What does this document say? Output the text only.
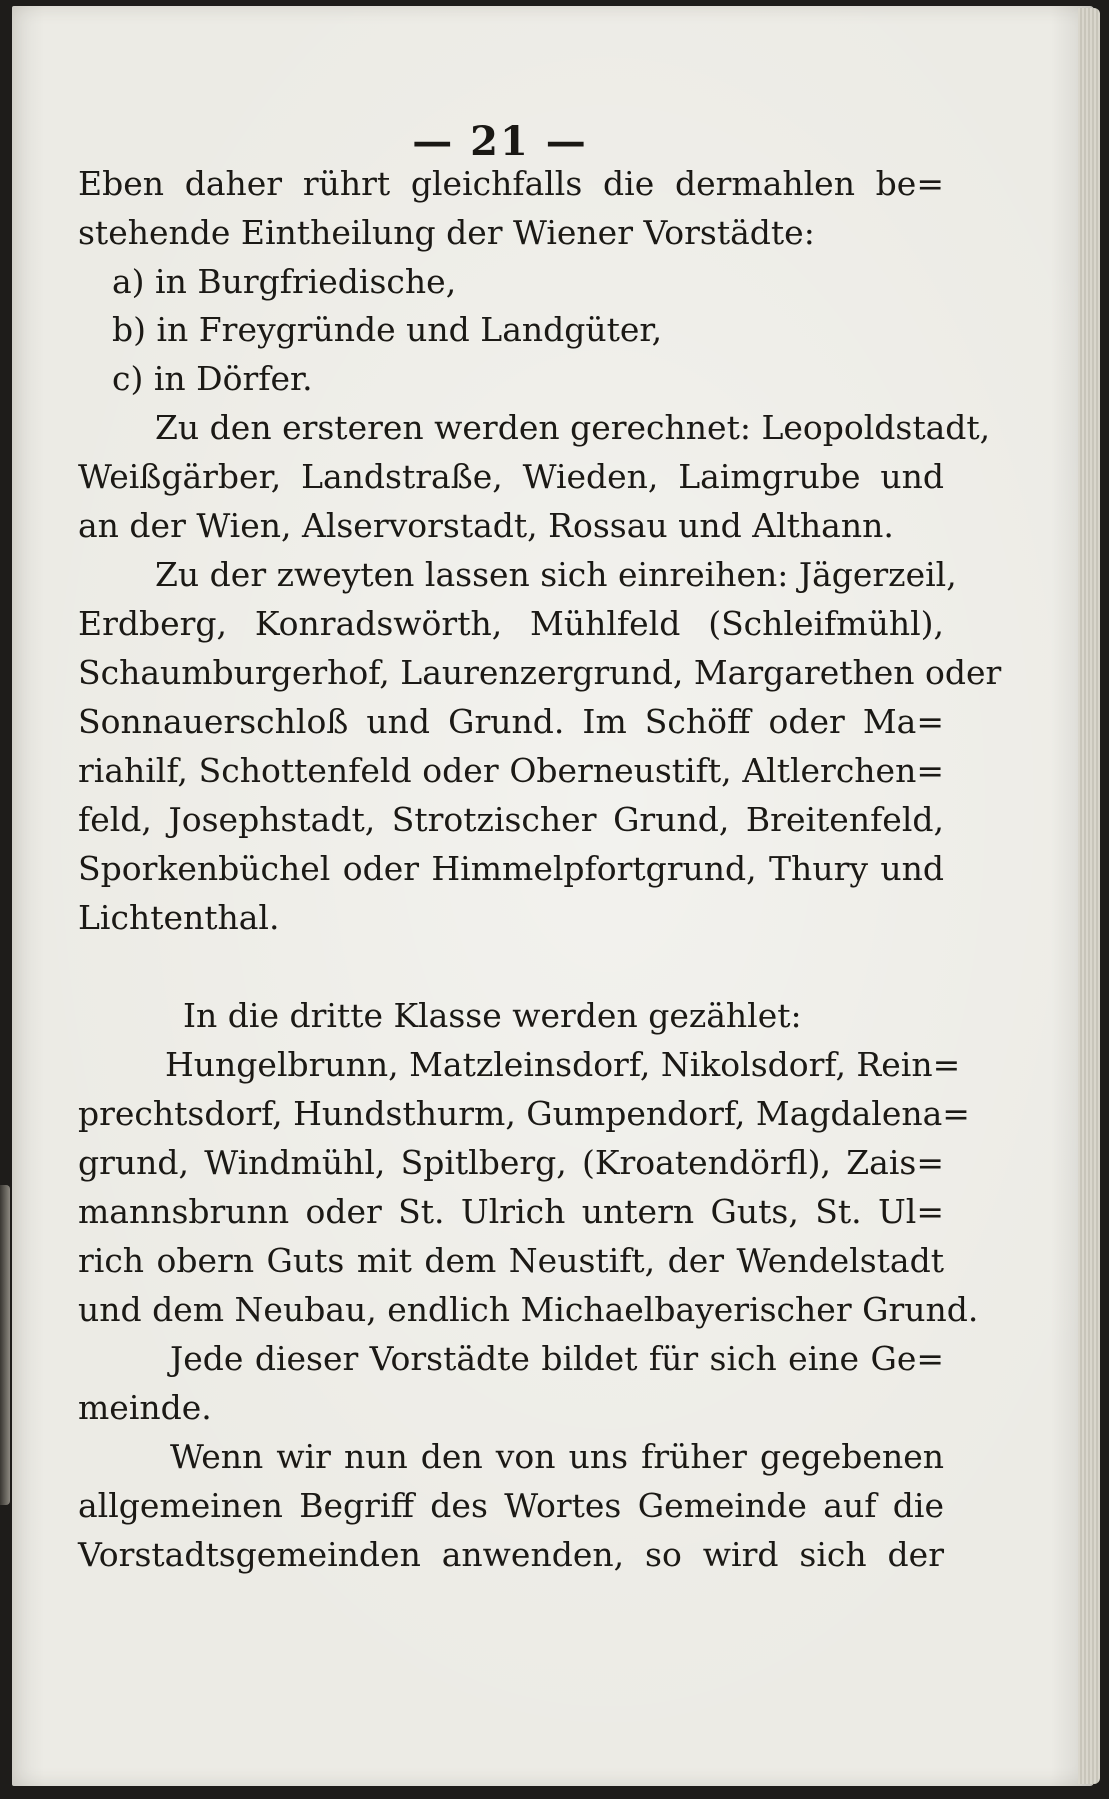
— 21 —
Eben daher rührt gleichfalls die dermahlen be=
stehende Eintheilung der Wiener Vorstädte:
a) in Burgfriedische,
b) in Freygründe und Landgüter,
c) in Dörfer.
Zu den ersteren werden gerechnet: Leopoldstadt,
Weißgärber, Landstraße, Wieden, Laimgrube und
an der Wien, Alservorstadt, Rossau und Althann.
Zu der zweyten lassen sich einreihen: Jägerzeil,
Erdberg, Konradswörth, Mühlfeld (Schleifmühl),
Schaumburgerhof, Laurenzergrund, Margarethen oder
Sonnauerschloß und Grund. Im Schöff oder Ma=
riahilf, Schottenfeld oder Oberneustift, Altlerchen=
feld, Josephstadt, Strotzischer Grund, Breitenfeld,
Sporkenbüchel oder Himmelpfortgrund, Thury und
Lichtenthal.
In die dritte Klasse werden gezählet:
Hungelbrunn, Matzleinsdorf, Nikolsdorf, Rein=
prechtsdorf, Hundsthurm, Gumpendorf, Magdalena=
grund, Windmühl, Spitlberg, (Kroatendörfl), Zais=
mannsbrunn oder St. Ulrich untern Guts, St. Ul=
rich obern Guts mit dem Neustift, der Wendelstadt
und dem Neubau, endlich Michaelbayerischer Grund.
Jede dieser Vorstädte bildet für sich eine Ge=
meinde.
Wenn wir nun den von uns früher gegebenen
allgemeinen Begriff des Wortes Gemeinde auf die
Vorstadtsgemeinden anwenden, so wird sich der
